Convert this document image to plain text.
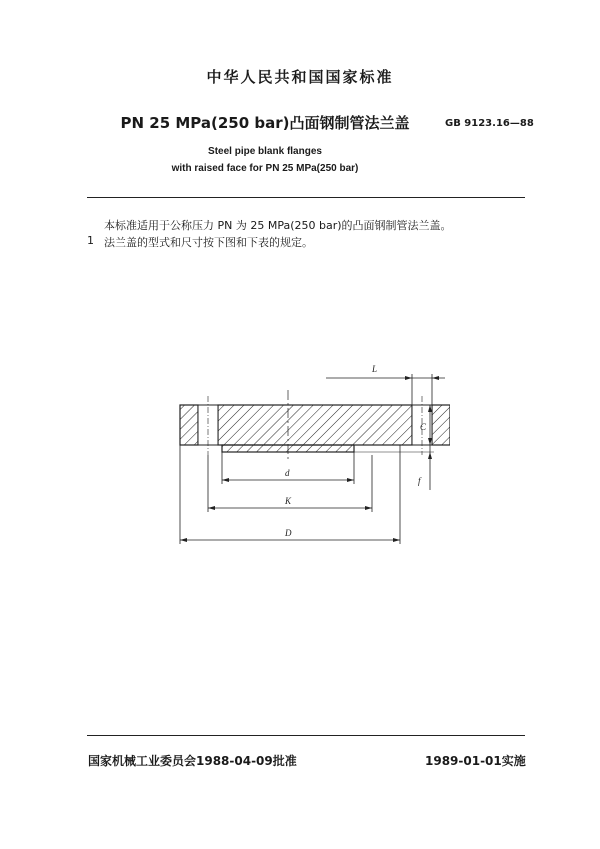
中华人民共和国国家标准
PN 25 MPa(250 bar)凸面钢制管法兰盖	GB 9123.16—88
Steel pipe blank flanges
with raised face for PN 25 MPa(250 bar)
本标准适用于公称压力 PN 为 25 MPa(250 bar)的凸面钢制管法兰盖。
1 法兰盖的型式和尺寸按下图和下表的规定。
L
C
f
d
K
D
国家机械工业委员会1988-04-09批准	1989-01-01实施
